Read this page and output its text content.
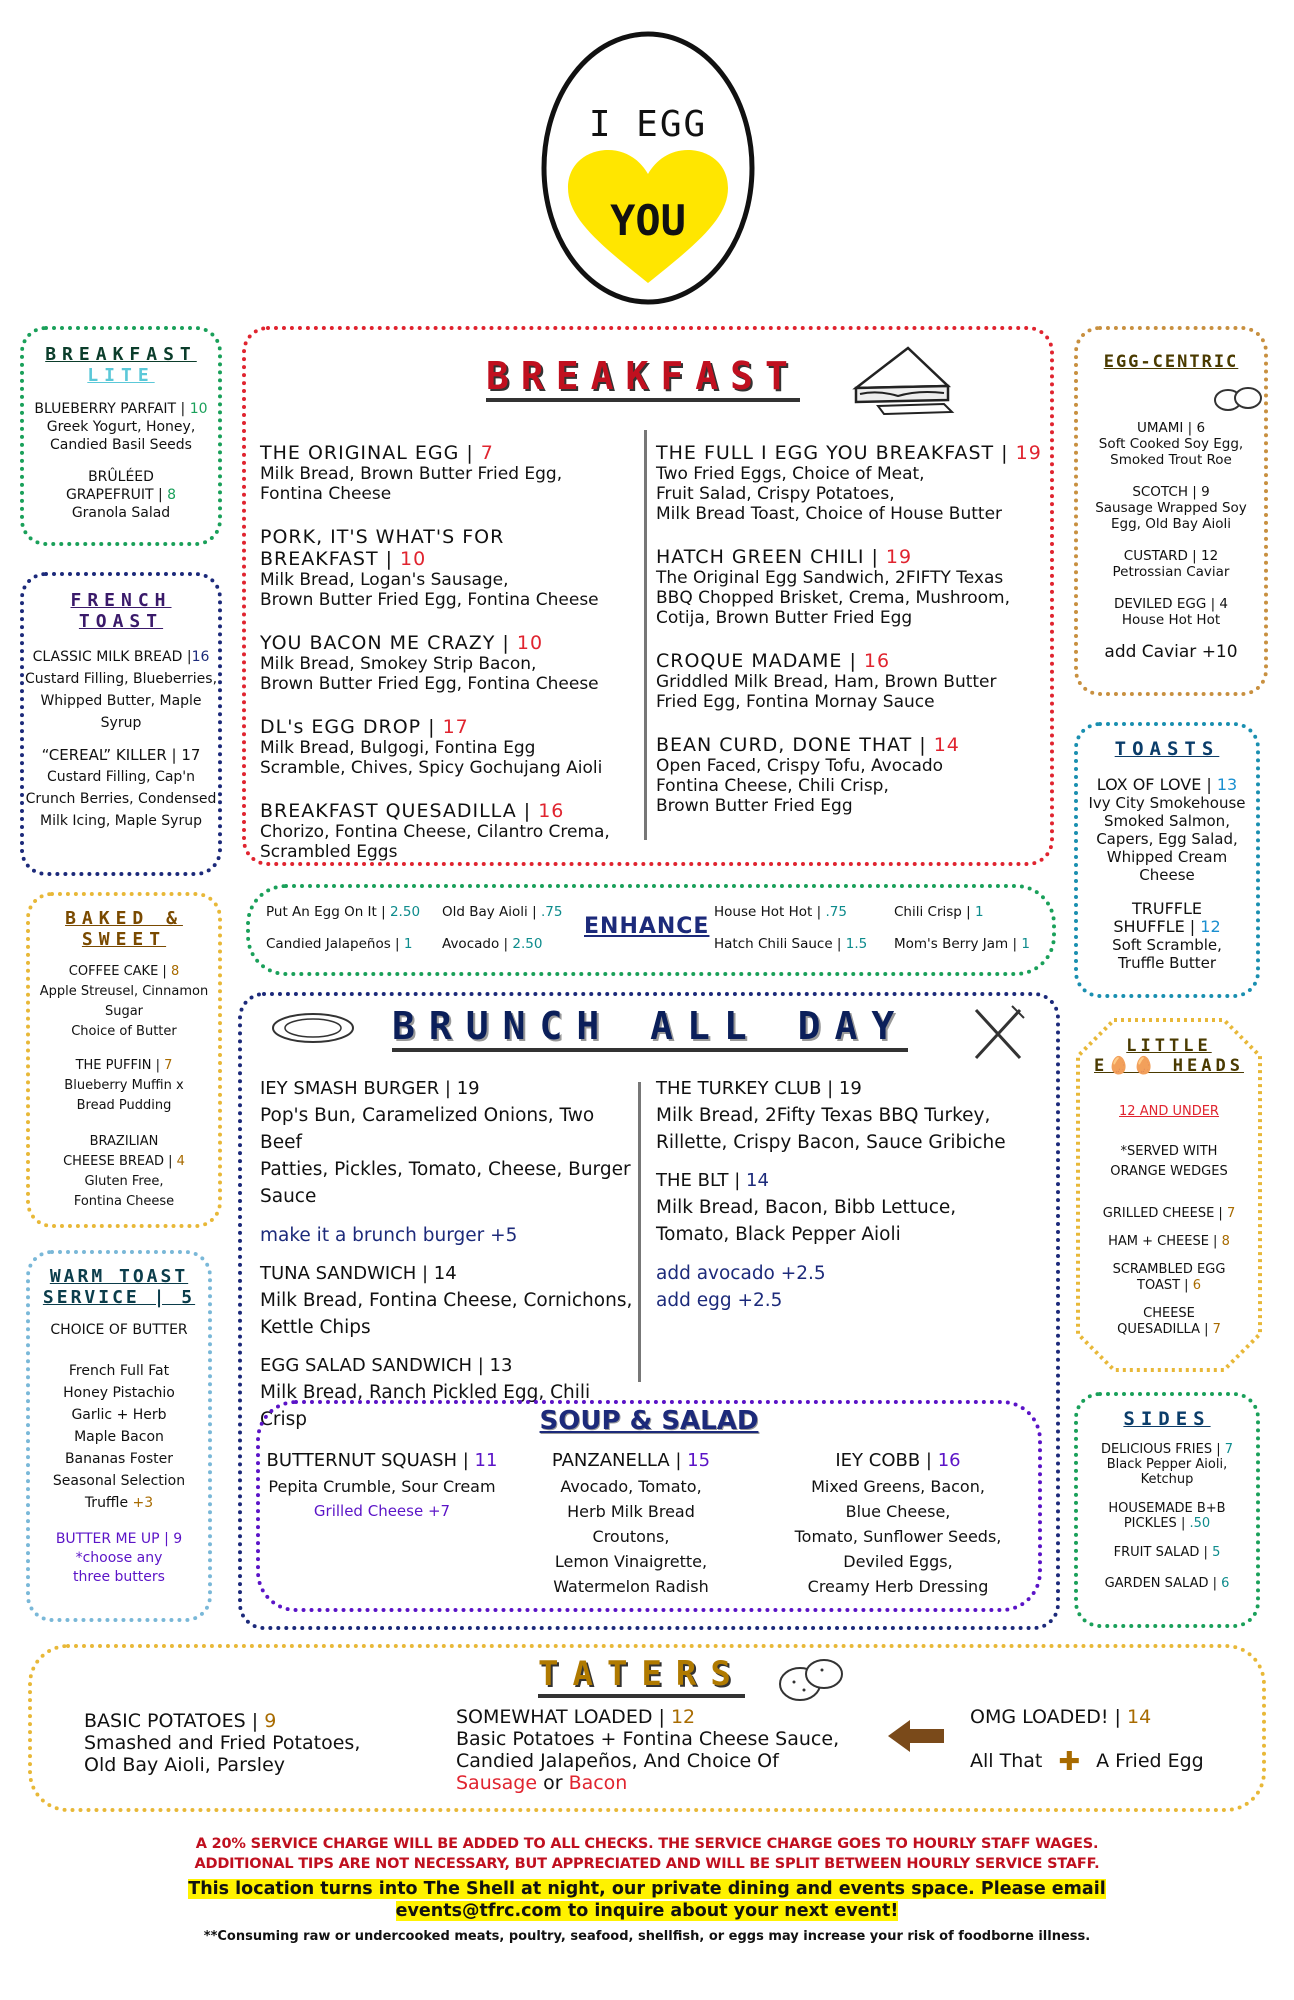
I EGG
YOU
BREAKFAST
LITE
BLUEBERRY PARFAIT | 10
Greek Yogurt, Honey,
Candied Basil Seeds
BRÛLÉED
GRAPEFRUIT | 8
Granola Salad
FRENCH
TOAST
CLASSIC MILK BREAD |16
Custard Filling, Blueberries,
Whipped Butter, Maple
Syrup
“CEREAL” KILLER | 17
Custard Filling, Cap'n
Crunch Berries, Condensed
Milk Icing, Maple Syrup
BAKED &
SWEET
COFFEE CAKE | 8
Apple Streusel, Cinnamon
Sugar
Choice of Butter
THE PUFFIN | 7
Blueberry Muffin x
Bread Pudding
BRAZILIAN
CHEESE BREAD | 4
Gluten Free,
Fontina Cheese
WARM TOAST
SERVICE | 5
CHOICE OF BUTTER
French Full Fat
Honey Pistachio
Garlic + Herb
Maple Bacon
Bananas Foster
Seasonal Selection
Truffle +3
BUTTER ME UP | 9
*choose any
three butters
BREAKFAST
THE ORIGINAL EGG | 7
Milk Bread, Brown Butter Fried Egg,
Fontina Cheese
PORK, IT'S WHAT'S FOR
BREAKFAST | 10
Milk Bread, Logan's Sausage,
Brown Butter Fried Egg, Fontina Cheese
YOU BACON ME CRAZY | 10
Milk Bread, Smokey Strip Bacon,
Brown Butter Fried Egg, Fontina Cheese
DL's EGG DROP | 17
Milk Bread, Bulgogi, Fontina Egg
Scramble, Chives, Spicy Gochujang Aioli
BREAKFAST QUESADILLA | 16
Chorizo, Fontina Cheese, Cilantro Crema,
Scrambled Eggs
THE FULL I EGG YOU BREAKFAST | 19
Two Fried Eggs, Choice of Meat,
Fruit Salad, Crispy Potatoes,
Milk Bread Toast, Choice of House Butter
HATCH GREEN CHILI | 19
The Original Egg Sandwich, 2FIFTY Texas
BBQ Chopped Brisket, Crema, Mushroom,
Cotija, Brown Butter Fried Egg
CROQUE MADAME | 16
Griddled Milk Bread, Ham, Brown Butter
Fried Egg, Fontina Mornay Sauce
BEAN CURD, DONE THAT | 14
Open Faced, Crispy Tofu, Avocado
Fontina Cheese, Chili Crisp,
Brown Butter Fried Egg
Put An Egg On It | 2.50 Old Bay Aioli | .75
Candied Jalapeños | 1 Avocado | 2.50
ENHANCE
House Hot Hot | .75	Chili Crisp | 1
Hatch Chili Sauce | 1.5 Mom's Berry Jam | 1
BRUNCH ALL DAY
IEY SMASH BURGER | 19
Pop's Bun, Caramelized Onions, Two Beef
Patties, Pickles, Tomato, Cheese, Burger
Sauce
make it a brunch burger +5
TUNA SANDWICH | 14
Milk Bread, Fontina Cheese, Cornichons,
Kettle Chips
EGG SALAD SANDWICH | 13
Milk Bread, Ranch Pickled Egg, Chili Crisp
THE TURKEY CLUB | 19
Milk Bread, 2Fifty Texas BBQ Turkey,
Rillette, Crispy Bacon, Sauce Gribiche
THE BLT | 14
Milk Bread, Bacon, Bibb Lettuce,
Tomato, Black Pepper Aioli
add avocado +2.5
add egg +2.5
SOUP & SALAD
BUTTERNUT SQUASH | 11
Pepita Crumble, Sour Cream
Grilled Cheese +7
PANZANELLA | 15
Avocado, Tomato,
Herb Milk Bread
Croutons,
Lemon Vinaigrette,
Watermelon Radish
IEY COBB | 16
Mixed Greens, Bacon,
Blue Cheese,
Tomato, Sunflower Seeds,
Deviled Eggs,
Creamy Herb Dressing
EGG-CENTRIC
UMAMI | 6
Soft Cooked Soy Egg,
Smoked Trout Roe
SCOTCH | 9
Sausage Wrapped Soy
Egg, Old Bay Aioli
CUSTARD | 12
Petrossian Caviar
DEVILED EGG | 4
House Hot Hot
add Caviar +10
TOASTS
LOX OF LOVE | 13
Ivy City Smokehouse
Smoked Salmon,
Capers, Egg Salad,
Whipped Cream
Cheese
TRUFFLE
SHUFFLE | 12
Soft Scramble,
Truffle Butter
LITTLE
E🥚🥚 HEADS
12 AND UNDER
*SERVED WITH
ORANGE WEDGES
GRILLED CHEESE | 7
HAM + CHEESE | 8
SCRAMBLED EGG
TOAST | 6
CHEESE
QUESADILLA | 7
SIDES
DELICIOUS FRIES | 7
Black Pepper Aioli,
Ketchup
HOUSEMADE B+B
PICKLES | .50
FRUIT SALAD | 5
GARDEN SALAD | 6
TATERS
BASIC POTATOES | 9
Smashed and Fried Potatoes,
Old Bay Aioli, Parsley
SOMEWHAT LOADED | 12
Basic Potatoes + Fontina Cheese Sauce,
Candied Jalapeños, And Choice Of
Sausage or Bacon
OMG LOADED! | 14
All That ✚ A Fried Egg
A 20% SERVICE CHARGE WILL BE ADDED TO ALL CHECKS. THE SERVICE CHARGE GOES TO HOURLY STAFF WAGES.
ADDITIONAL TIPS ARE NOT NECESSARY, BUT APPRECIATED AND WILL BE SPLIT BETWEEN HOURLY SERVICE STAFF.
This location turns into The Shell at night, our private dining and events space. Please email
events@tfrc.com to inquire about your next event!
**Consuming raw or undercooked meats, poultry, seafood, shellfish, or eggs may increase your risk of foodborne illness.
